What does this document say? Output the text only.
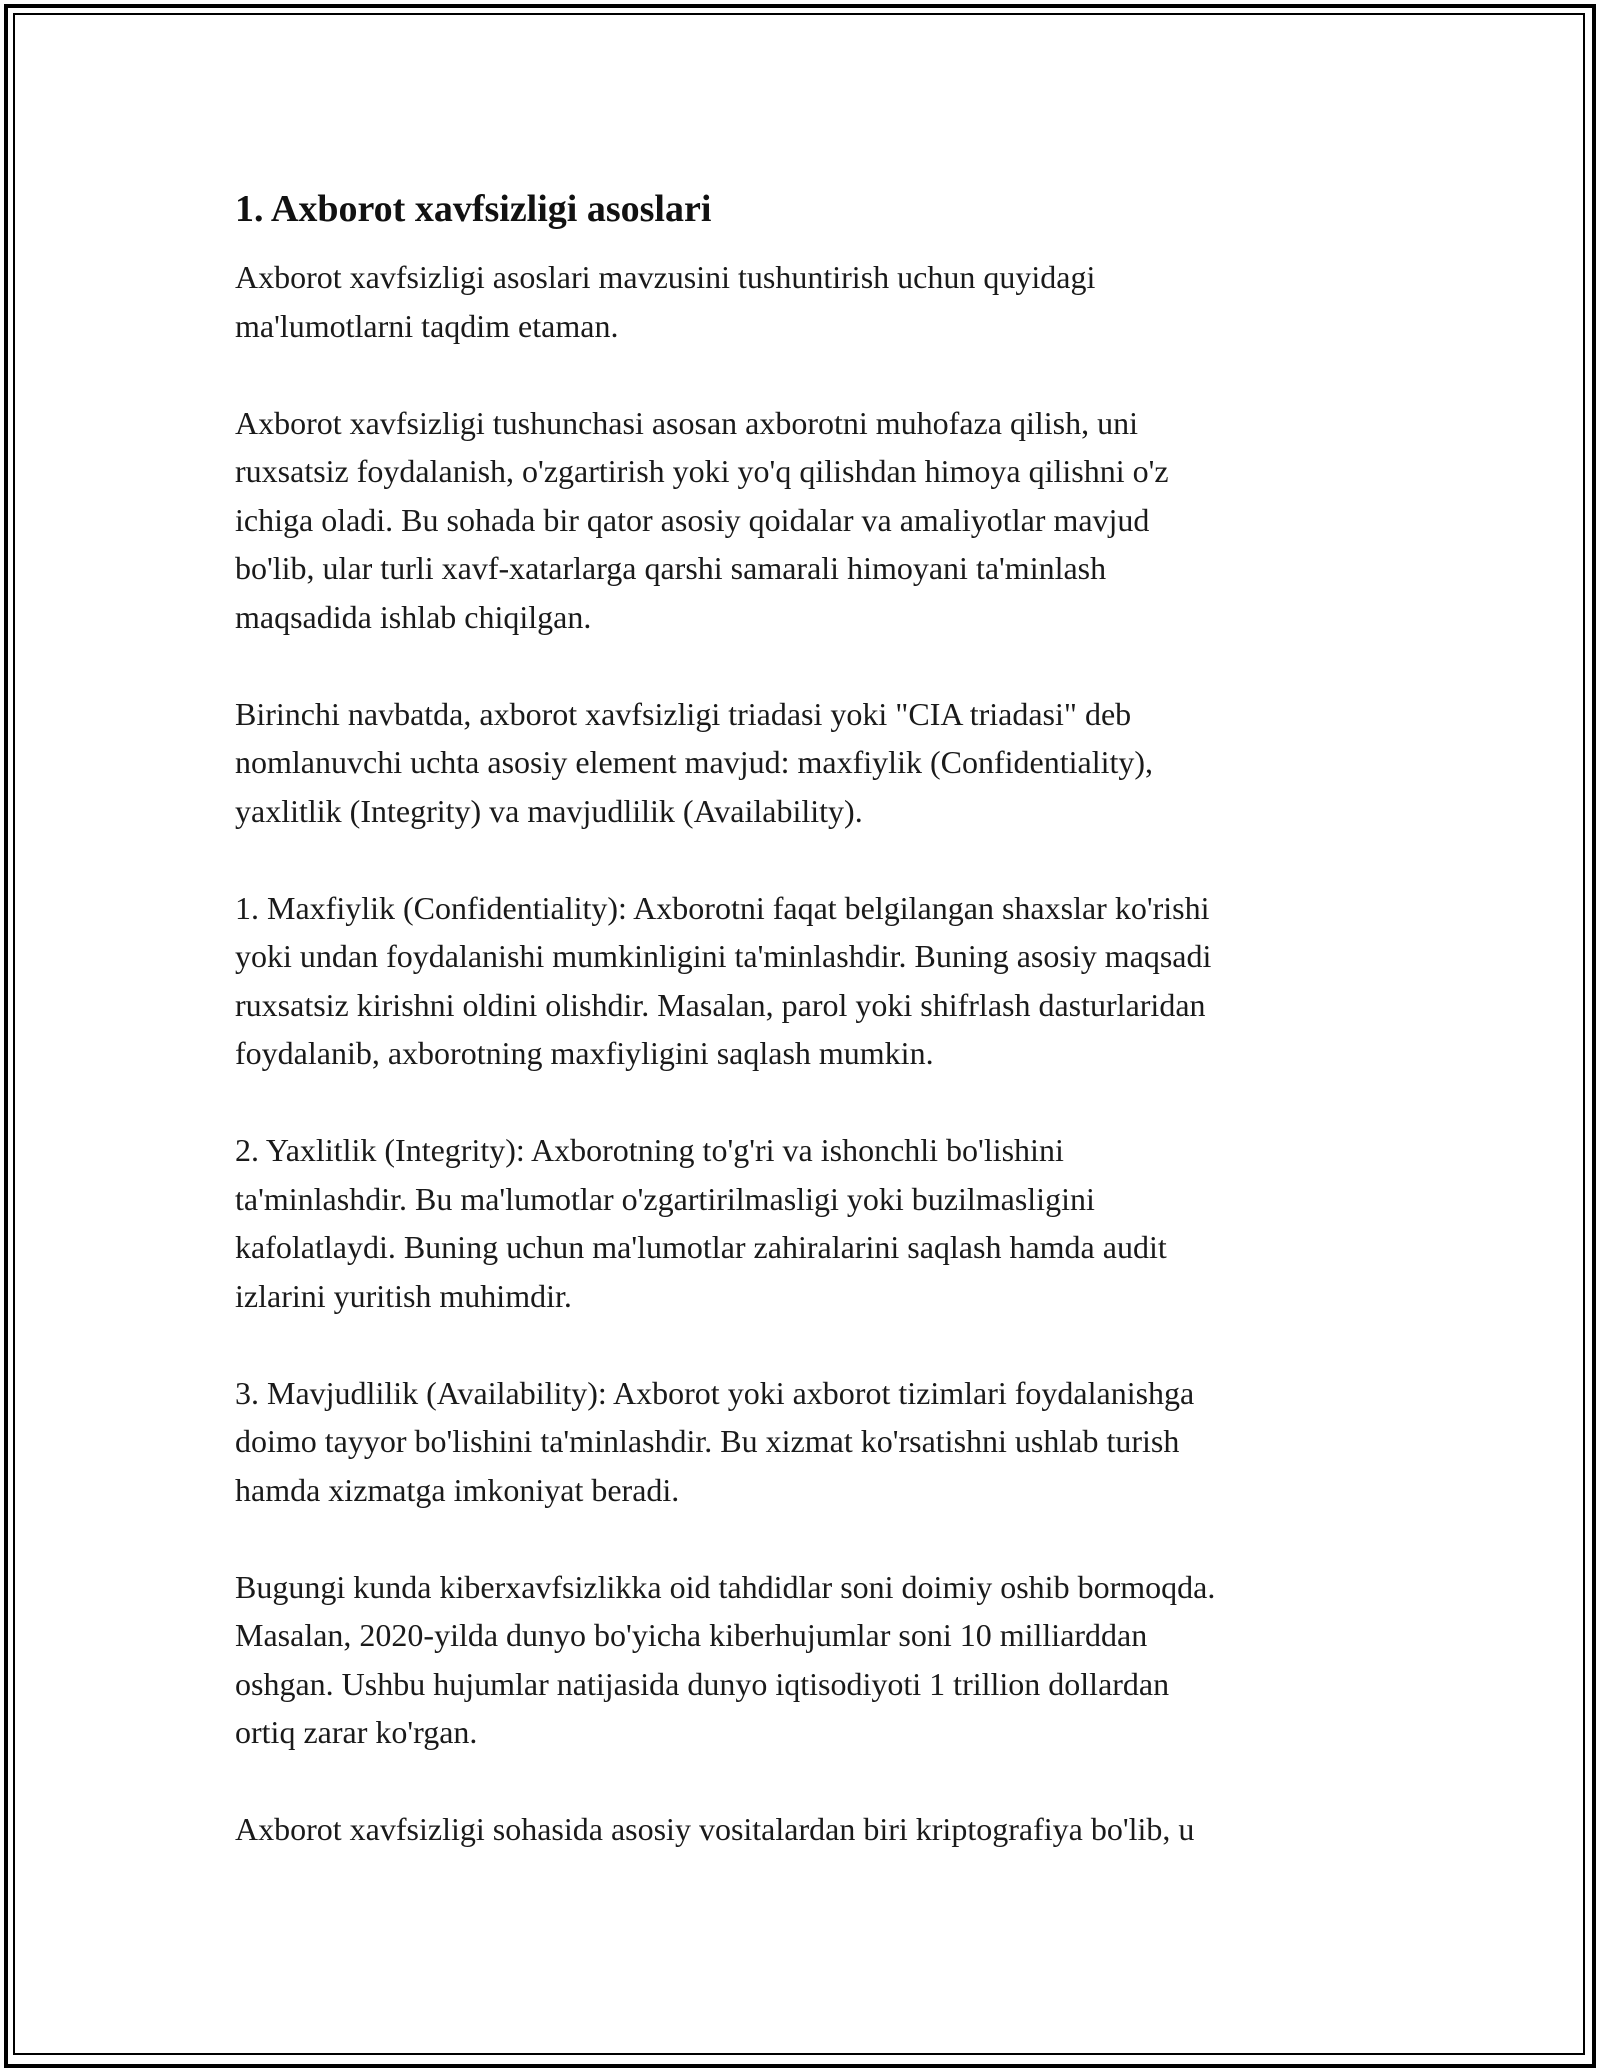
1. Axborot xavfsizligi asoslari

Axborot xavfsizligi asoslari mavzusini tushuntirish uchun quyidagi
ma'lumotlarni taqdim etaman.

Axborot xavfsizligi tushunchasi asosan axborotni muhofaza qilish, uni
ruxsatsiz foydalanish, o'zgartirish yoki yo'q qilishdan himoya qilishni o'z
ichiga oladi. Bu sohada bir qator asosiy qoidalar va amaliyotlar mavjud
bo'lib, ular turli xavf-xatarlarga qarshi samarali himoyani ta'minlash
maqsadida ishlab chiqilgan.

Birinchi navbatda, axborot xavfsizligi triadasi yoki "CIA triadasi" deb
nomlanuvchi uchta asosiy element mavjud: maxfiylik (Confidentiality),
yaxlitlik (Integrity) va mavjudlilik (Availability).

1. Maxfiylik (Confidentiality): Axborotni faqat belgilangan shaxslar ko'rishi
yoki undan foydalanishi mumkinligini ta'minlashdir. Buning asosiy maqsadi
ruxsatsiz kirishni oldini olishdir. Masalan, parol yoki shifrlash dasturlaridan
foydalanib, axborotning maxfiyligini saqlash mumkin.

2. Yaxlitlik (Integrity): Axborotning to'g'ri va ishonchli bo'lishini
ta'minlashdir. Bu ma'lumotlar o'zgartirilmasligi yoki buzilmasligini
kafolatlaydi. Buning uchun ma'lumotlar zahiralarini saqlash hamda audit
izlarini yuritish muhimdir.

3. Mavjudlilik (Availability): Axborot yoki axborot tizimlari foydalanishga
doimo tayyor bo'lishini ta'minlashdir. Bu xizmat ko'rsatishni ushlab turish
hamda xizmatga imkoniyat beradi.

Bugungi kunda kiberxavfsizlikka oid tahdidlar soni doimiy oshib bormoqda.
Masalan, 2020-yilda dunyo bo'yicha kiberhujumlar soni 10 milliarddan
oshgan. Ushbu hujumlar natijasida dunyo iqtisodiyoti 1 trillion dollardan
ortiq zarar ko'rgan.

Axborot xavfsizligi sohasida asosiy vositalardan biri kriptografiya bo'lib, u
